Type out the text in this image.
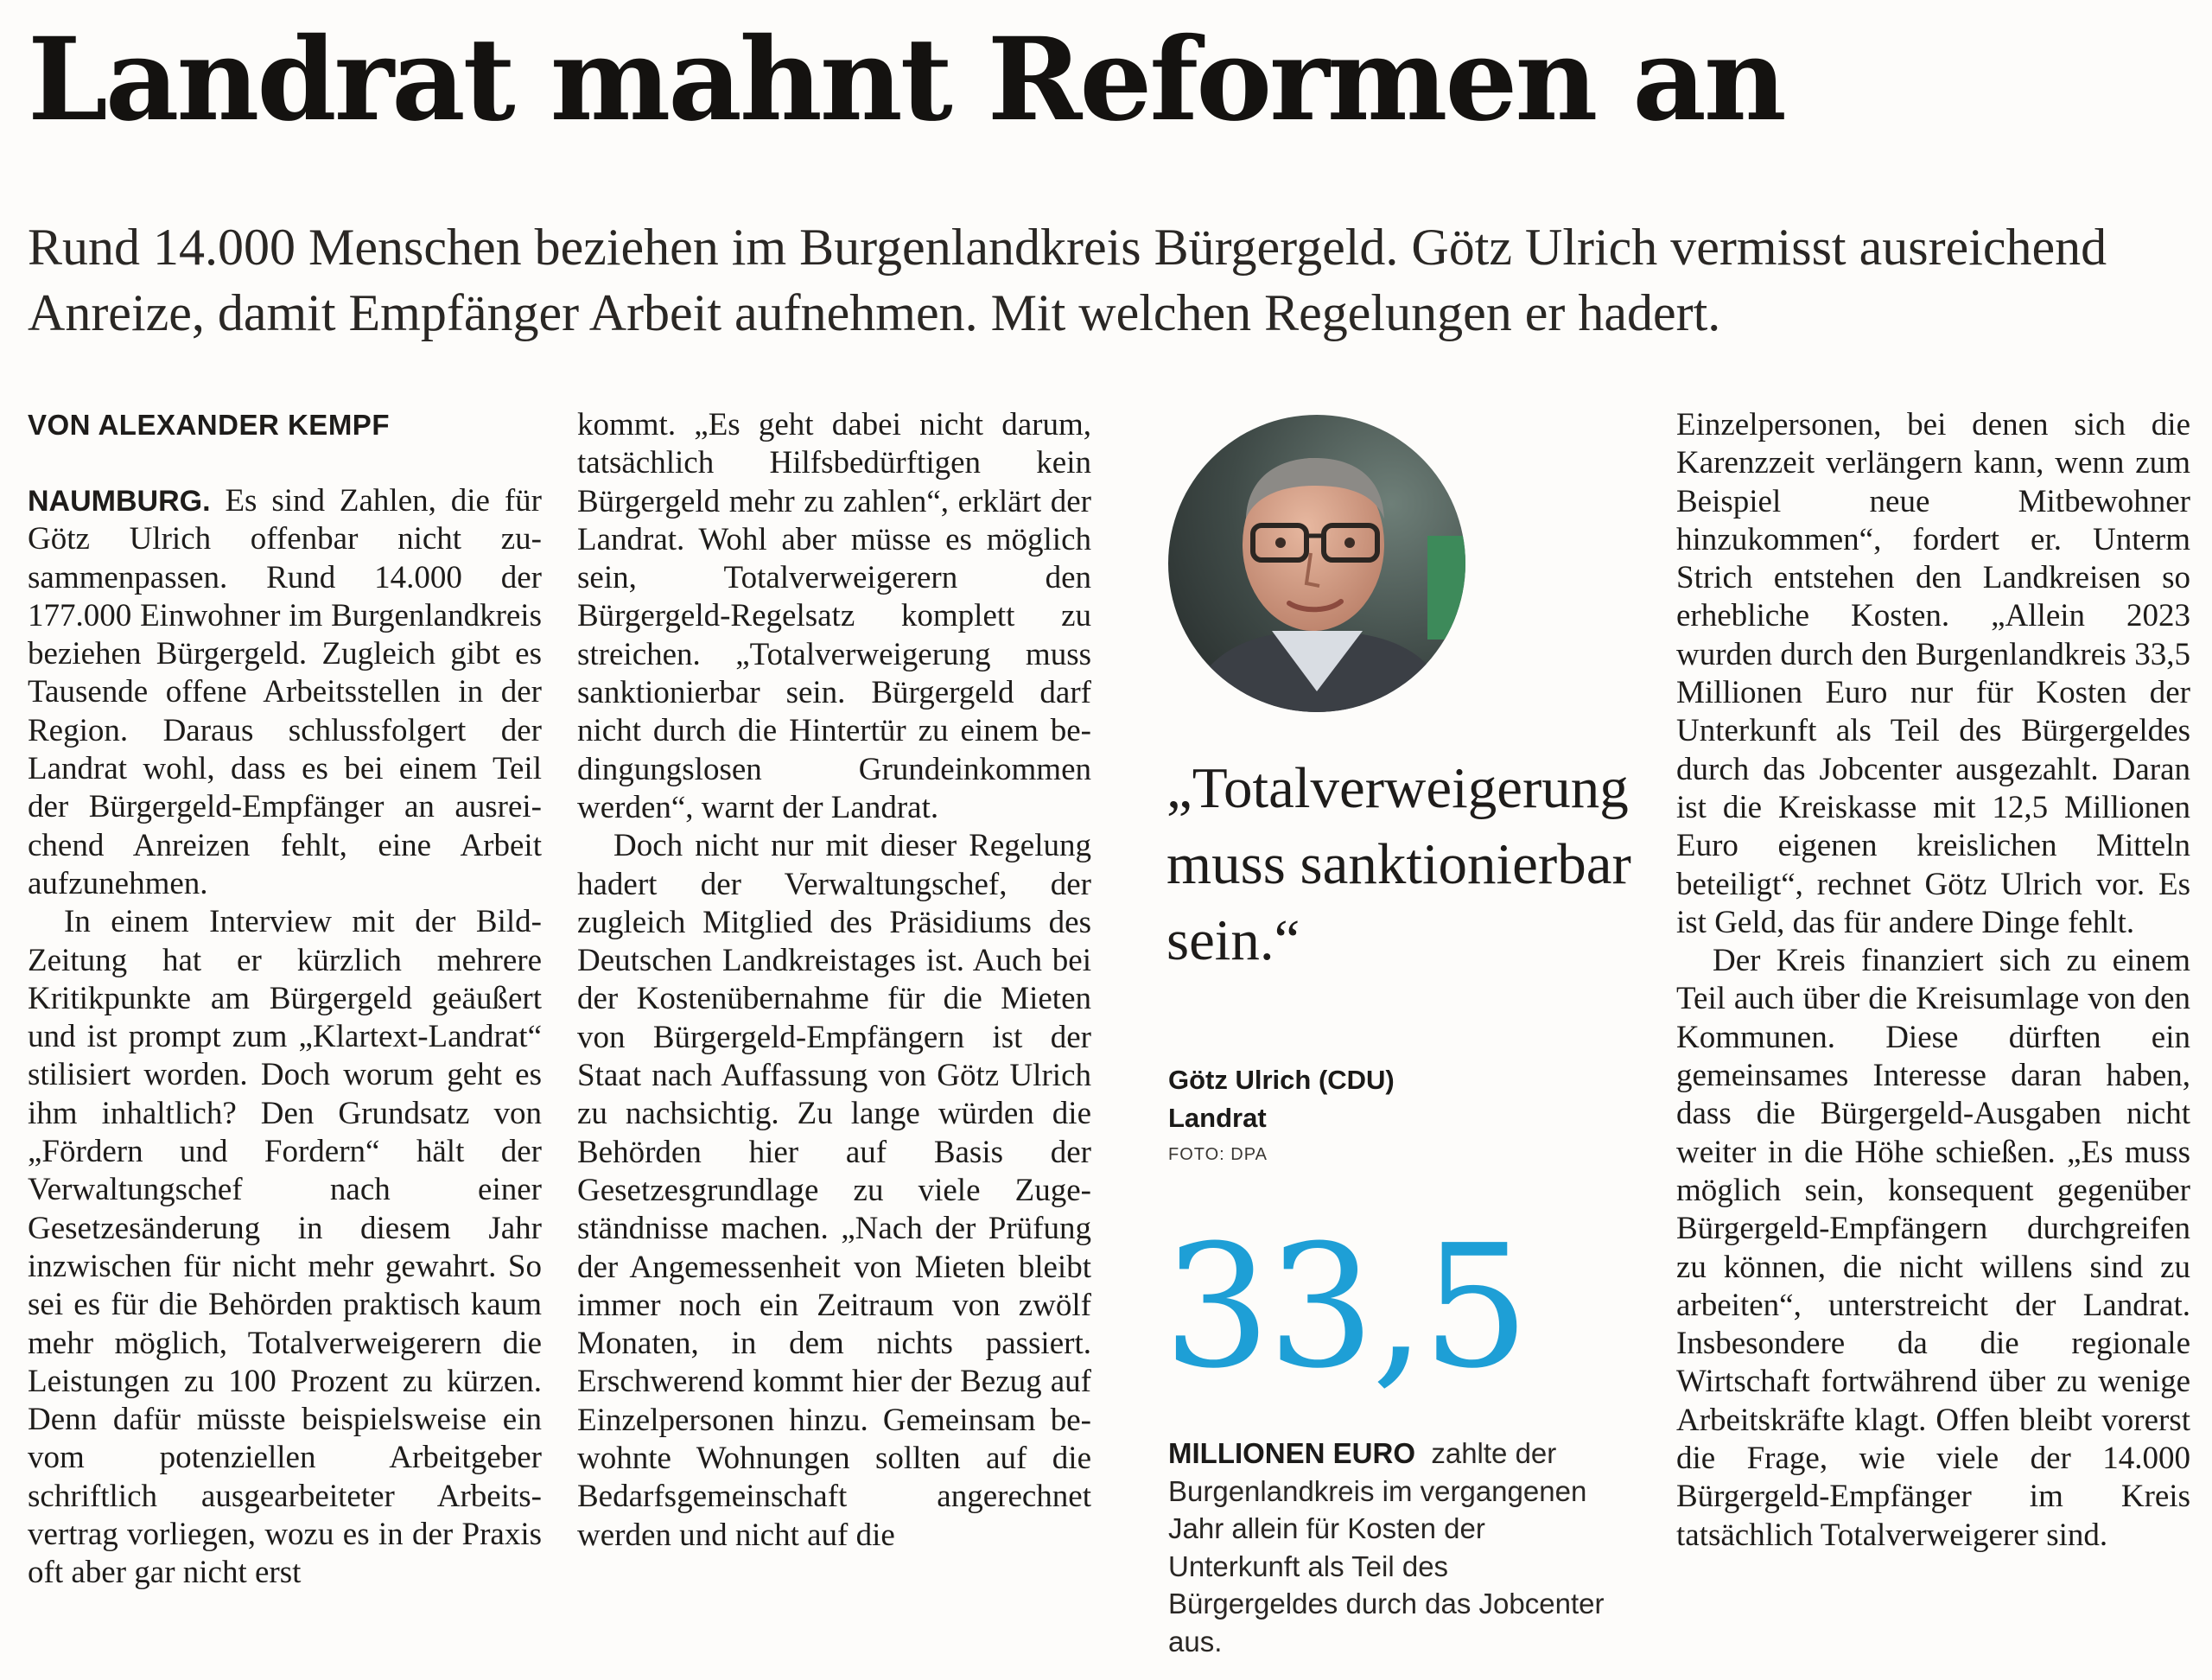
Landrat mahnt Reformen an

Rund 14.000 Menschen beziehen im Burgenlandkreis Bürgergeld. Götz Ulrich vermisst ausreichend Anreize, damit Empfänger Arbeit aufnehmen. Mit welchen Regelungen er hadert.

VON ALEXANDER KEMPF

NAUMBURG. Es sind Zahlen, die für Götz Ulrich offenbar nicht zusammenpassen. Rund 14.000 der 177.000 Einwohner im Burgenlandkreis beziehen Bürgergeld. Zugleich gibt es Tausende offene Arbeitsstellen in der Region. Daraus schlussfolgert der Landrat wohl, dass es bei einem Teil der Bürgergeld-Empfänger an ausreichend Anreizen fehlt, eine Arbeit aufzunehmen.

In einem Interview mit der Bild-Zeitung hat er kürzlich mehrere Kritikpunkte am Bürgergeld geäußert und ist prompt zum „Klartext-Landrat“ stilisiert worden. Doch worum geht es ihm inhaltlich? Den Grundsatz von „Fördern und Fordern“ hält der Verwaltungschef nach einer Gesetzesänderung in diesem Jahr inzwischen für nicht mehr gewahrt. So sei es für die Behörden praktisch kaum mehr möglich, Totalverweigerern die Leistungen zu 100 Prozent zu kürzen. Denn dafür müsste beispielsweise ein vom potenziellen Arbeitgeber schriftlich ausgearbeiteter Arbeitsvertrag vorliegen, wozu es in der Praxis oft aber gar nicht erst

kommt. „Es geht dabei nicht darum, tatsächlich Hilfsbedürftigen kein Bürgergeld mehr zu zahlen“, erklärt der Landrat. Wohl aber müsse es möglich sein, Totalverweigerern den Bürgergeld-Regelsatz komplett zu streichen. „Totalverweigerung muss sanktionierbar sein. Bürgergeld darf nicht durch die Hintertür zu einem bedingungslosen Grundeinkommen werden“, warnt der Landrat.

Doch nicht nur mit dieser Regelung hadert der Verwaltungschef, der zugleich Mitglied des Präsidiums des Deutschen Landkreistages ist. Auch bei der Kostenübernahme für die Mieten von Bürgergeld-Empfängern ist der Staat nach Auffassung von Götz Ulrich zu nachsichtig. Zu lange würden die Behörden hier auf Basis der Gesetzesgrundlage zu viele Zugeständnisse machen. „Nach der Prüfung der Angemessenheit von Mieten bleibt immer noch ein Zeitraum von zwölf Monaten, in dem nichts passiert. Erschwerend kommt hier der Bezug auf Einzelpersonen hinzu. Gemeinsam bewohnte Wohnungen sollten auf die Bedarfsgemeinschaft angerechnet werden und nicht auf die

„Totalverweigerung muss sanktionierbar sein.“

Götz Ulrich (CDU)
Landrat
FOTO: DPA
33,5

MILLIONEN EURO zahlte der Burgenlandkreis im vergangenen Jahr allein für Kosten der Unterkunft als Teil des Bürgergeldes durch das Jobcenter aus.

Einzelpersonen, bei denen sich die Karenzzeit verlängern kann, wenn zum Beispiel neue Mitbewohner hinzukommen“, fordert er. Unterm Strich entstehen den Landkreisen so erhebliche Kosten. „Allein 2023 wurden durch den Burgenlandkreis 33,5 Millionen Euro nur für Kosten der Unterkunft als Teil des Bürgergeldes durch das Jobcenter ausgezahlt. Daran ist die Kreiskasse mit 12,5 Millionen Euro eigenen kreislichen Mitteln beteiligt“, rechnet Götz Ulrich vor. Es ist Geld, das für andere Dinge fehlt.

Der Kreis finanziert sich zu einem Teil auch über die Kreisumlage von den Kommunen. Diese dürften ein gemeinsames Interesse daran haben, dass die Bürgergeld-Ausgaben nicht weiter in die Höhe schießen. „Es muss möglich sein, konsequent gegenüber Bürgergeld-Empfängern durchgreifen zu können, die nicht willens sind zu arbeiten“, unterstreicht der Landrat. Insbesondere da die regionale Wirtschaft fortwährend über zu wenige Arbeitskräfte klagt. Offen bleibt vorerst die Frage, wie viele der 14.000 Bürgergeld-Empfänger im Kreis tatsächlich Totalverweigerer sind.
